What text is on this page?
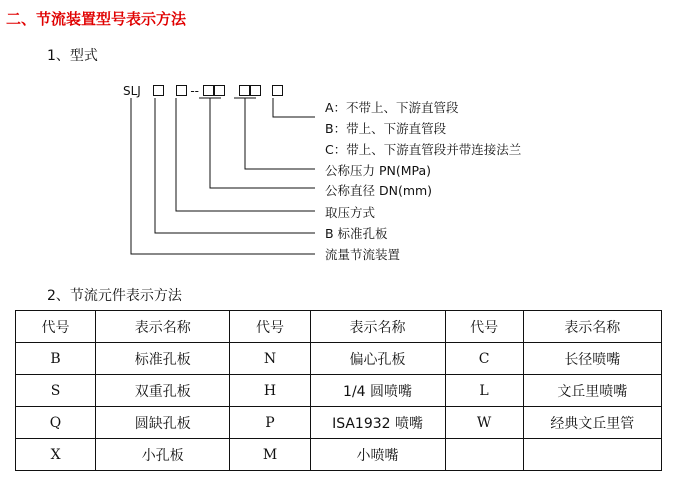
二、节流装置型号表示方法
1、型式
SLJ	--
A：不带上、下游直管段
B：带上、下游直管段
C：带上、下游直管段并带连接法兰
公称压力 PN(MPa)
公称直径 DN(mm)
取压方式
B 标准孔板
流量节流装置
2、节流元件表示方法
代号	表示名称	代号	表示名称	代号	表示名称
B	标准孔板	N	偏心孔板	C	长径喷嘴
S	双重孔板	H	1/4 圆喷嘴	L	文丘里喷嘴
Q	圆缺孔板	P	ISA1932 喷嘴	W	经典文丘里管
X	小孔板	M	小喷嘴		
